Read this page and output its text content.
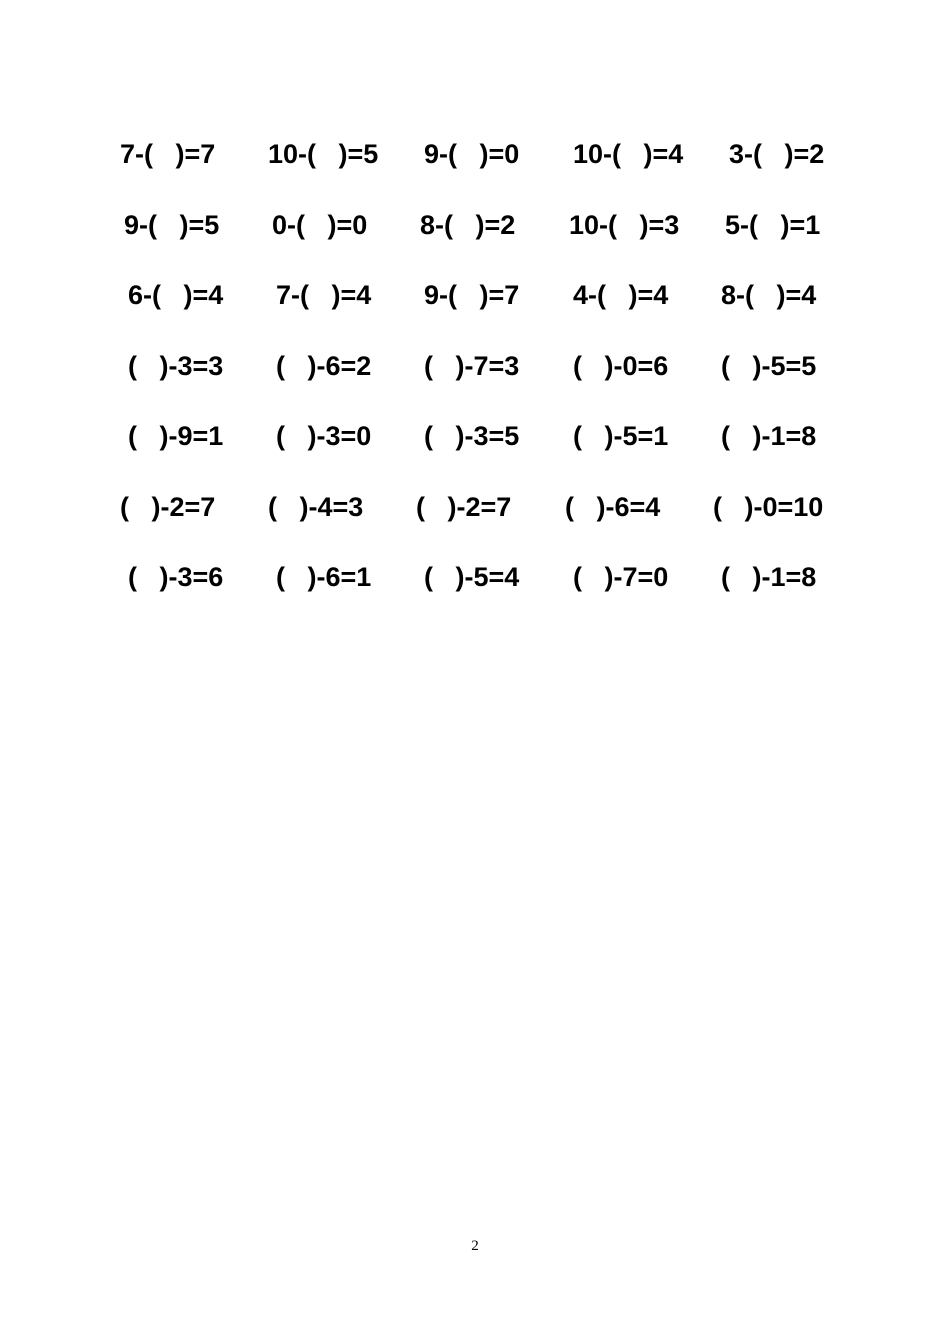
7-(   )=7 10-(   )=5 9-(   )=0 10-(   )=4 3-(   )=2
9-(   )=5 0-(   )=0 8-(   )=2 10-(   )=3 5-(   )=1
6-(   )=4 7-(   )=4 9-(   )=7 4-(   )=4 8-(   )=4
(   )-3=3 (   )-6=2 (   )-7=3 (   )-0=6 (   )-5=5
(   )-9=1 (   )-3=0 (   )-3=5 (   )-5=1 (   )-1=8
(   )-2=7 (   )-4=3 (   )-2=7 (   )-6=4 (   )-0=10
(   )-3=6 (   )-6=1 (   )-5=4 (   )-7=0 (   )-1=8
2
